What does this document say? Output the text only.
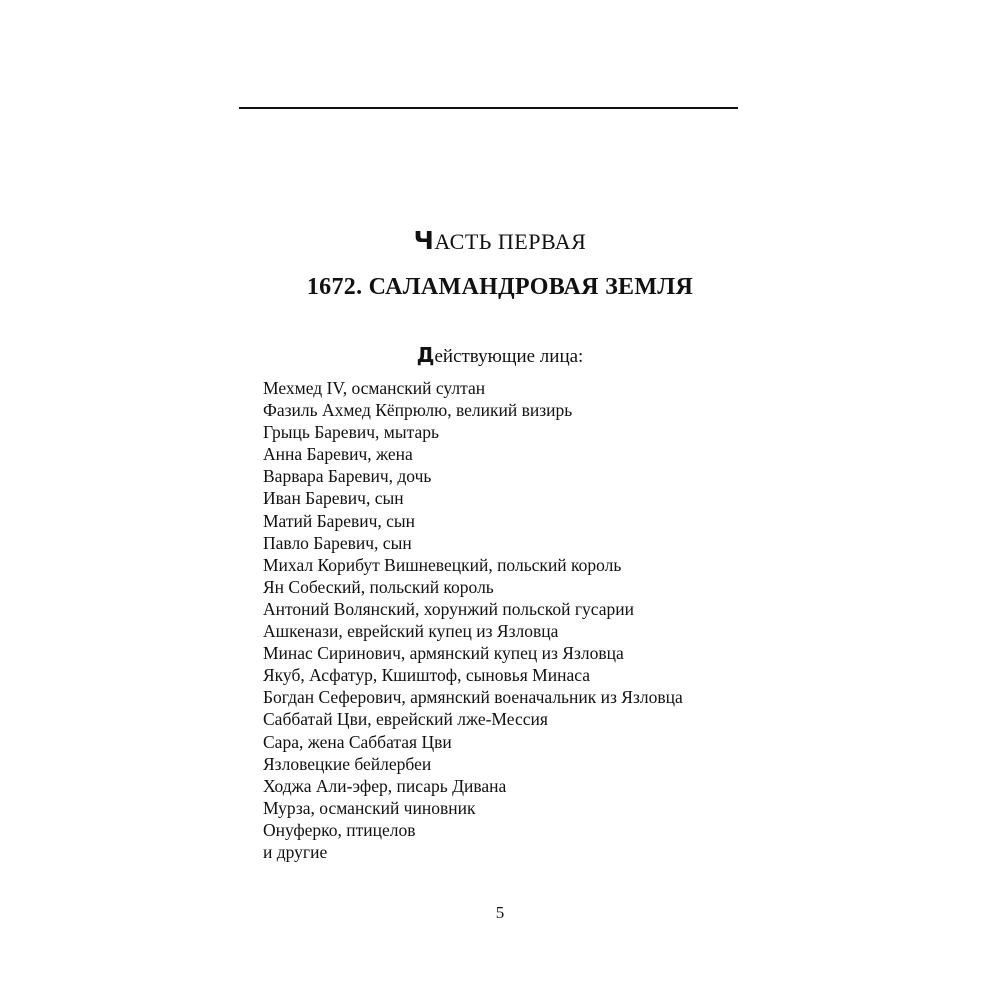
ЧАСТЬ ПЕРВАЯ
1672. САЛАМАНДРОВАЯ ЗЕМЛЯ
Действующие лица:
Мехмед IV, османский султан
Фазиль Ахмед Кёпрюлю, великий визирь
Грыць Баревич, мытарь
Анна Баревич, жена
Варвара Баревич, дочь
Иван Баревич, сын
Матий Баревич, сын
Павло Баревич, сын
Михал Корибут Вишневецкий, польский король
Ян Собеский, польский король
Антоний Волянский, хорунжий польской гусарии
Ашкенази, еврейский купец из Язловца
Минас Сиринович, армянский купец из Язловца
Якуб, Асфатур, Кшиштоф, сыновья Минаса
Богдан Сеферович, армянский военачальник из Язловца
Саббатай Цви, еврейский лже-Мессия
Сара, жена Саббатая Цви
Язловецкие бейлербеи
Ходжа Али-эфер, писарь Дивана
Мурза, османский чиновник
Онуферко, птицелов
и другие
5
